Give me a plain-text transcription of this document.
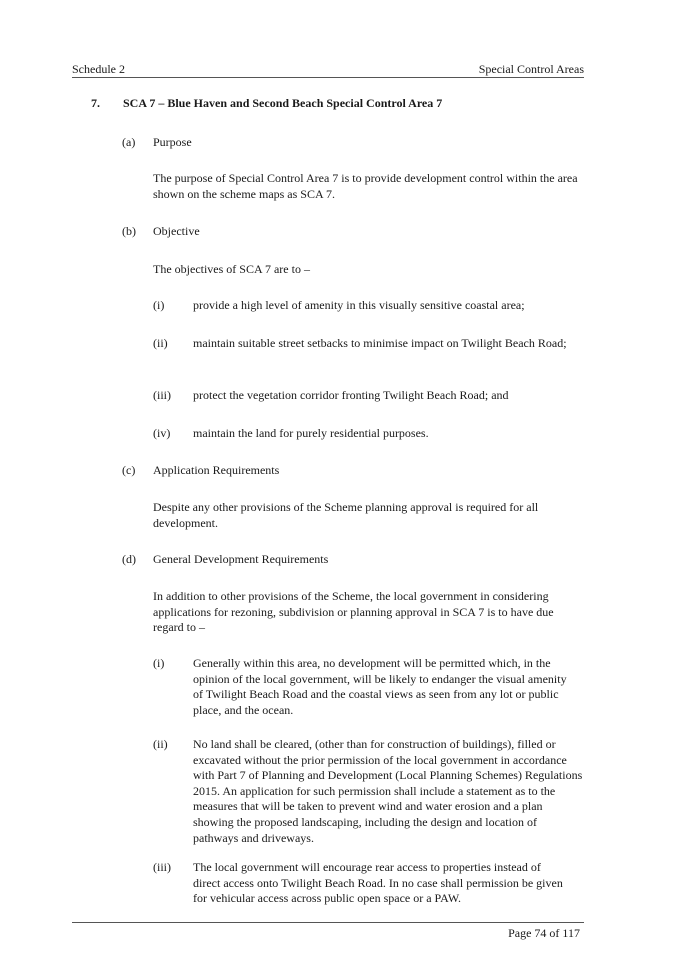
Schedule 2	Special Control Areas
7. SCA 7 – Blue Haven and Second Beach Special Control Area 7
(a) Purpose
The purpose of Special Control Area 7 is to provide development control within the area shown on the scheme maps as SCA 7.
(b) Objective
The objectives of SCA 7 are to –
(i) provide a high level of amenity in this visually sensitive coastal area;
(ii) maintain suitable street setbacks to minimise impact on Twilight Beach Road;
(iii) protect the vegetation corridor fronting Twilight Beach Road; and
(iv) maintain the land for purely residential purposes.
(c) Application Requirements
Despite any other provisions of the Scheme planning approval is required for all development.
(d) General Development Requirements
In addition to other provisions of the Scheme, the local government in considering applications for rezoning, subdivision or planning approval in SCA 7 is to have due regard to –
(i) Generally within this area, no development will be permitted which, in the opinion of the local government, will be likely to endanger the visual amenity of Twilight Beach Road and the coastal views as seen from any lot or public place, and the ocean.
(ii) No land shall be cleared, (other than for construction of buildings), filled or excavated without the prior permission of the local government in accordance with Part 7 of Planning and Development (Local Planning Schemes) Regulations 2015. An application for such permission shall include a statement as to the measures that will be taken to prevent wind and water erosion and a plan showing the proposed landscaping, including the design and location of pathways and driveways.
(iii) The local government will encourage rear access to properties instead of direct access onto Twilight Beach Road. In no case shall permission be given for vehicular access across public open space or a PAW.
Page 74 of 117
